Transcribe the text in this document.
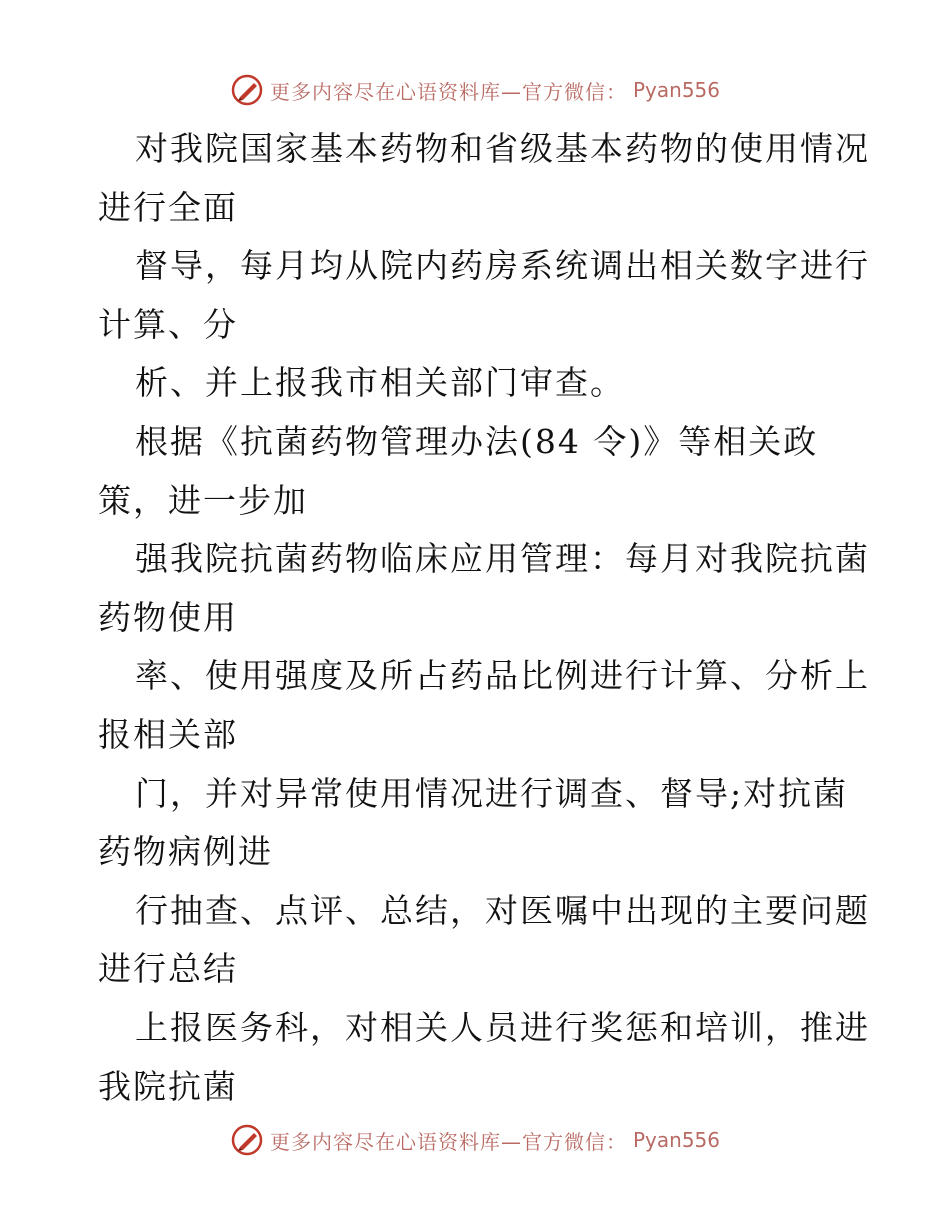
更多内容尽在心语资料库—官方微信： Pyan556
对我院国家基本药物和省级基本药物的使用情况
进行全面
督导，每月均从院内药房系统调出相关数字进行
计算、分
析、并上报我市相关部门审查。
根据《抗菌药物管理办法(84 令)》等相关政
策，进一步加
强我院抗菌药物临床应用管理：每月对我院抗菌
药物使用
率、使用强度及所占药品比例进行计算、分析上
报相关部
门，并对异常使用情况进行调查、督导;对抗菌
药物病例进
行抽查、点评、总结，对医嘱中出现的主要问题
进行总结
上报医务科，对相关人员进行奖惩和培训，推进
我院抗菌
更多内容尽在心语资料库—官方微信： Pyan556
